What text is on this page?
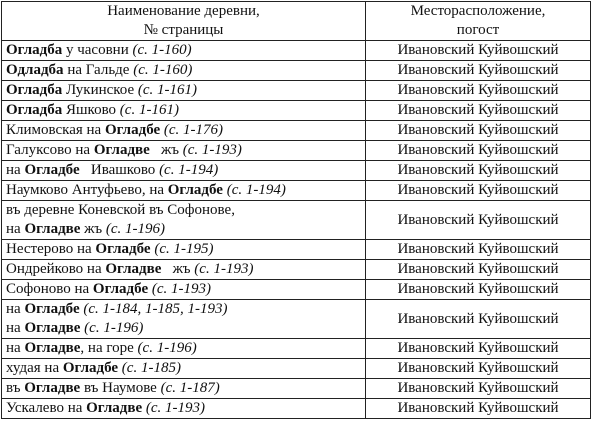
Наименование деревни,
№ страницы	Месторасположение,
погост

Огладба у часовни (с. 1-160)	Ивановский Куйвошский

Одладба на Гальде (с. 1-160)	Ивановский Куйвошский

Огладба Лукинское (с. 1-161)	Ивановский Куйвошский

Огладба Яшково (с. 1-161)	Ивановский Куйвошский

Климовская на Огладбе (с. 1-176)	Ивановский Куйвошский

Галуксово на Огладве   жъ (с. 1-193)	Ивановский Куйвошский

на Огладбе   Ивашково (с. 1-194)	Ивановский Куйвошский

Наумково Антуфьево, на Огладбе (с. 1-194)	Ивановский Куйвошский

въ деревне Коневской въ Софонове,
на Огладве жъ (с. 1-196)	Ивановский Куйвошский

Нестерово на Огладбе (с. 1-195)	Ивановский Куйвошский

Ондрейково на Огладве   жъ (с. 1-193)	Ивановский Куйвошский

Софоново на Огладбе (с. 1-193)	Ивановский Куйвошский

на Огладбе (с. 1-184, 1-185, 1-193)
на Огладве (с. 1-196)	Ивановский Куйвошский

на Огладве, на горе (с. 1-196)	Ивановский Куйвошский

худая на Огладбе (с. 1-185)	Ивановский Куйвошский

въ Огладве въ Наумове (с. 1-187)	Ивановский Куйвошский

Ускалево на Огладве (с. 1-193)	Ивановский Куйвошский
